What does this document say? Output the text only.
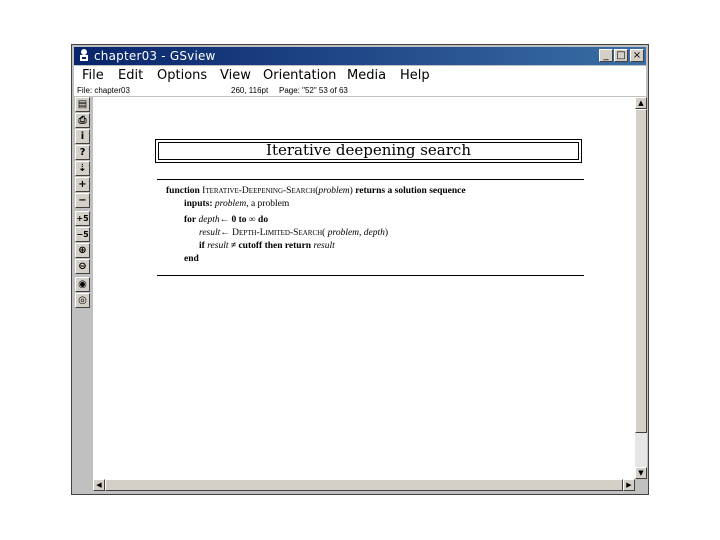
chapter03 - GSview	_ □ ×
File Edit Options View Orientation Media Help
File: chapter03	260, 116pt Page: "52" 53 of 63
▤
⎙
i
?
⇣
+
−
+5
−5
⊕
⊖
◉
◎
Iterative deepening search
function Iterative-Deepening-Search(problem) returns a solution sequence
inputs: problem, a problem
for depth← 0 to ∞ do
result← Depth-Limited-Search( problem, depth)
if result ≠ cutoff then return result
end
▲
▼
◀	▶
